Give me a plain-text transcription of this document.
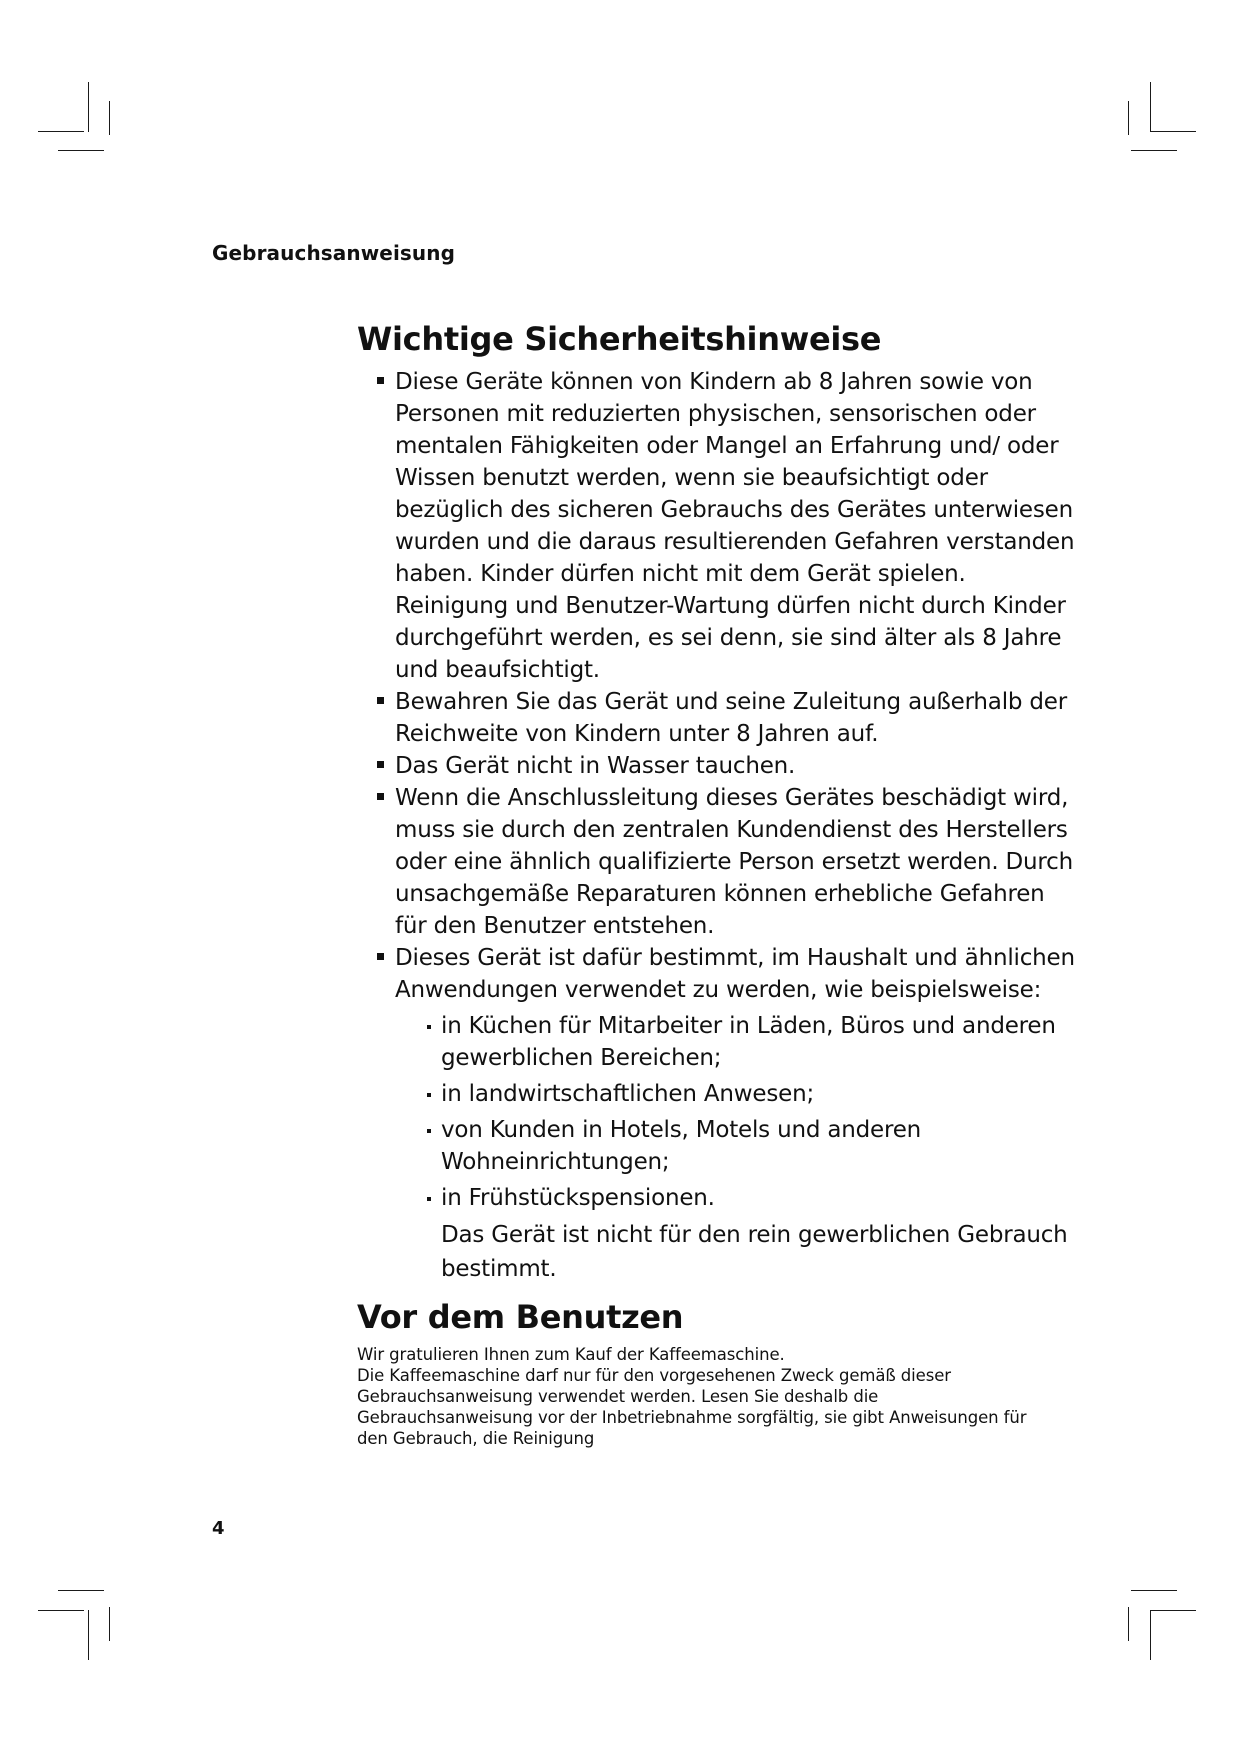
Gebrauchsanweisung
Wichtige Sicherheitshinweise
Diese Geräte können von Kindern ab 8 Jahren sowie von Personen mit reduzierten physischen, sensorischen oder mentalen Fähigkeiten oder Mangel an Erfahrung und/ oder Wissen benutzt werden, wenn sie beaufsichtigt oder bezüglich des sicheren Gebrauchs des Gerätes unterwiesen wurden und die daraus resultierenden Gefahren verstanden haben. Kinder dürfen nicht mit dem Gerät spielen. Reinigung und Benutzer-Wartung dürfen nicht durch Kinder durchgeführt werden, es sei denn, sie sind älter als 8 Jahre und beaufsichtigt.
Bewahren Sie das Gerät und seine Zuleitung außerhalb der Reichweite von Kindern unter 8 Jahren auf.
Das Gerät nicht in Wasser tauchen.
Wenn die Anschlussleitung dieses Gerätes beschädigt wird, muss sie durch den zentralen Kundendienst des Herstellers oder eine ähnlich qualifizierte Person ersetzt werden. Durch unsachgemäße Reparaturen können erhebliche Gefahren für den Benutzer entstehen.
Dieses Gerät ist dafür bestimmt, im Haushalt und ähnlichen Anwendungen verwendet zu werden, wie beispielsweise:
in Küchen für Mitarbeiter in Läden, Büros und anderen gewerblichen Bereichen;
in landwirtschaftlichen Anwesen;
von Kunden in Hotels, Motels und anderen Wohneinrichtungen;
in Frühstückspensionen.
Das Gerät ist nicht für den rein gewerblichen Gebrauch bestimmt.
Vor dem Benutzen

Wir gratulieren Ihnen zum Kauf der Kaffeemaschine.

Die Kaffeemaschine darf nur für den vorgesehenen Zweck gemäß dieser Gebrauchsanweisung verwendet werden. Lesen Sie deshalb die Gebrauchsanweisung vor der Inbetriebnahme sorgfältig, sie gibt Anweisungen für den Gebrauch, die Reinigung

4
